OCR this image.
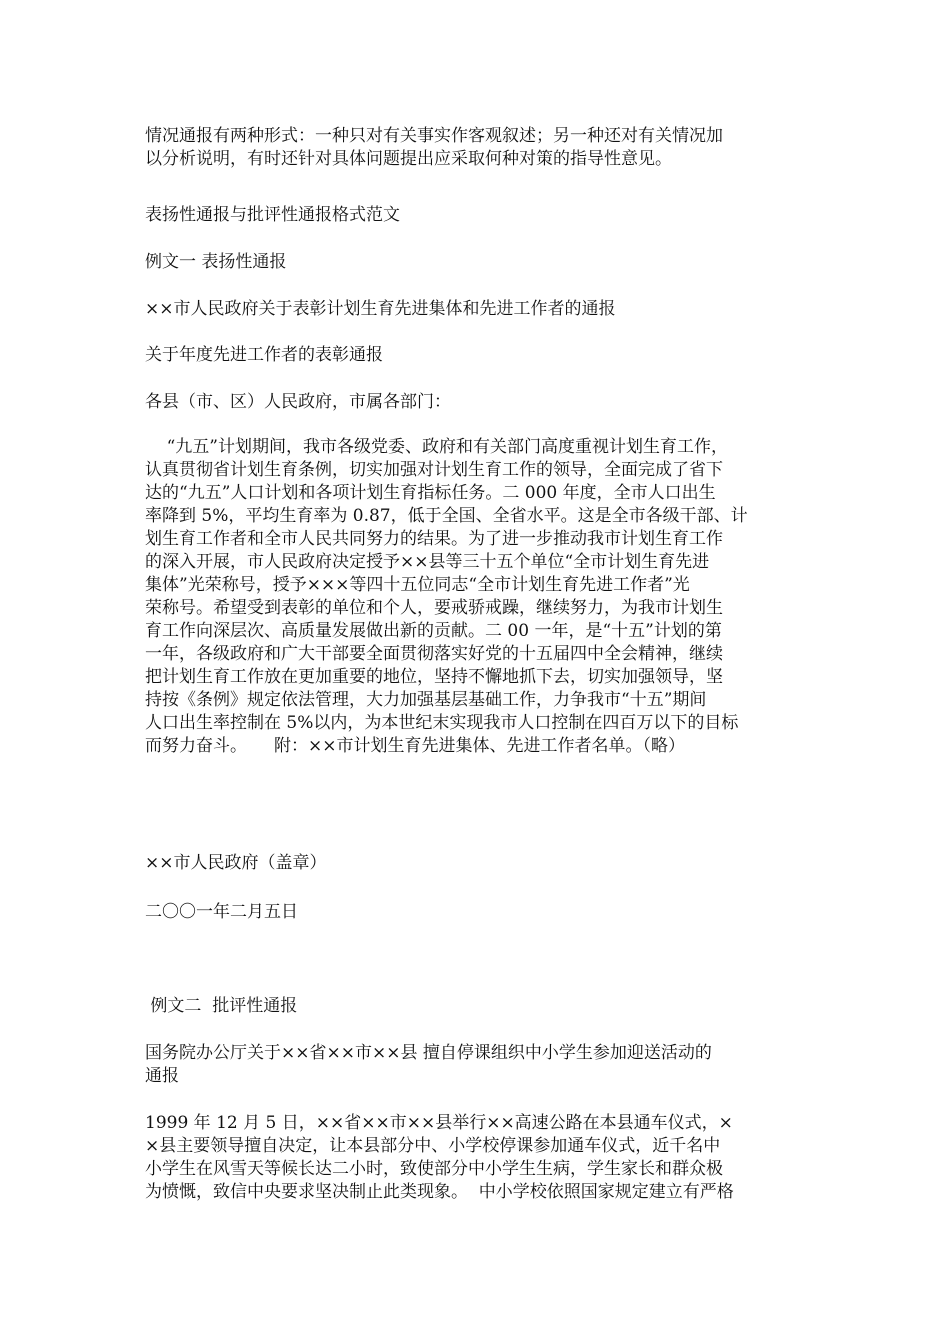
情况通报有两种形式：一种只对有关事实作客观叙述；另一种还对有关情况加
以分析说明，有时还针对具体问题提出应采取何种对策的指导性意见。
表扬性通报与批评性通报格式范文
例文一 表扬性通报
××市人民政府关于表彰计划生育先进集体和先进工作者的通报
关于年度先进工作者的表彰通报
各县（市、区）人民政府，市属各部门：
“九五”计划期间，我市各级党委、政府和有关部门高度重视计划生育工作，
认真贯彻省计划生育条例，切实加强对计划生育工作的领导，全面完成了省下
达的“九五”人口计划和各项计划生育指标任务。二 000 年度，全市人口出生
率降到 5%，平均生育率为 0.87，低于全国、全省水平。这是全市各级干部、计
划生育工作者和全市人民共同努力的结果。为了进一步推动我市计划生育工作
的深入开展，市人民政府决定授予××县等三十五个单位“全市计划生育先进
集体”光荣称号，授予×××等四十五位同志“全市计划生育先进工作者”光
荣称号。希望受到表彰的单位和个人，要戒骄戒躁，继续努力，为我市计划生
育工作向深层次、高质量发展做出新的贡献。二 00 一年，是“十五”计划的第
一年，各级政府和广大干部要全面贯彻落实好党的十五届四中全会精神，继续
把计划生育工作放在更加重要的地位，坚持不懈地抓下去，切实加强领导，坚
持按《条例》规定依法管理，大力加强基层基础工作，力争我市“十五”期间
人口出生率控制在 5%以内，为本世纪末实现我市人口控制在四百万以下的目标
而努力奋斗。     附：××市计划生育先进集体、先进工作者名单。（略）
××市人民政府（盖章）
二〇〇一年二月五日
例文二  批评性通报
国务院办公厅关于××省××市××县 擅自停课组织中小学生参加迎送活动的
通报
1999 年 12 月 5 日，××省××市××县举行××高速公路在本县通车仪式，×
×县主要领导擅自决定，让本县部分中、小学校停课参加通车仪式，近千名中
小学生在风雪天等候长达二小时，致使部分中小学生生病，学生家长和群众极
为愤慨，致信中央要求坚决制止此类现象。  中小学校依照国家规定建立有严格
